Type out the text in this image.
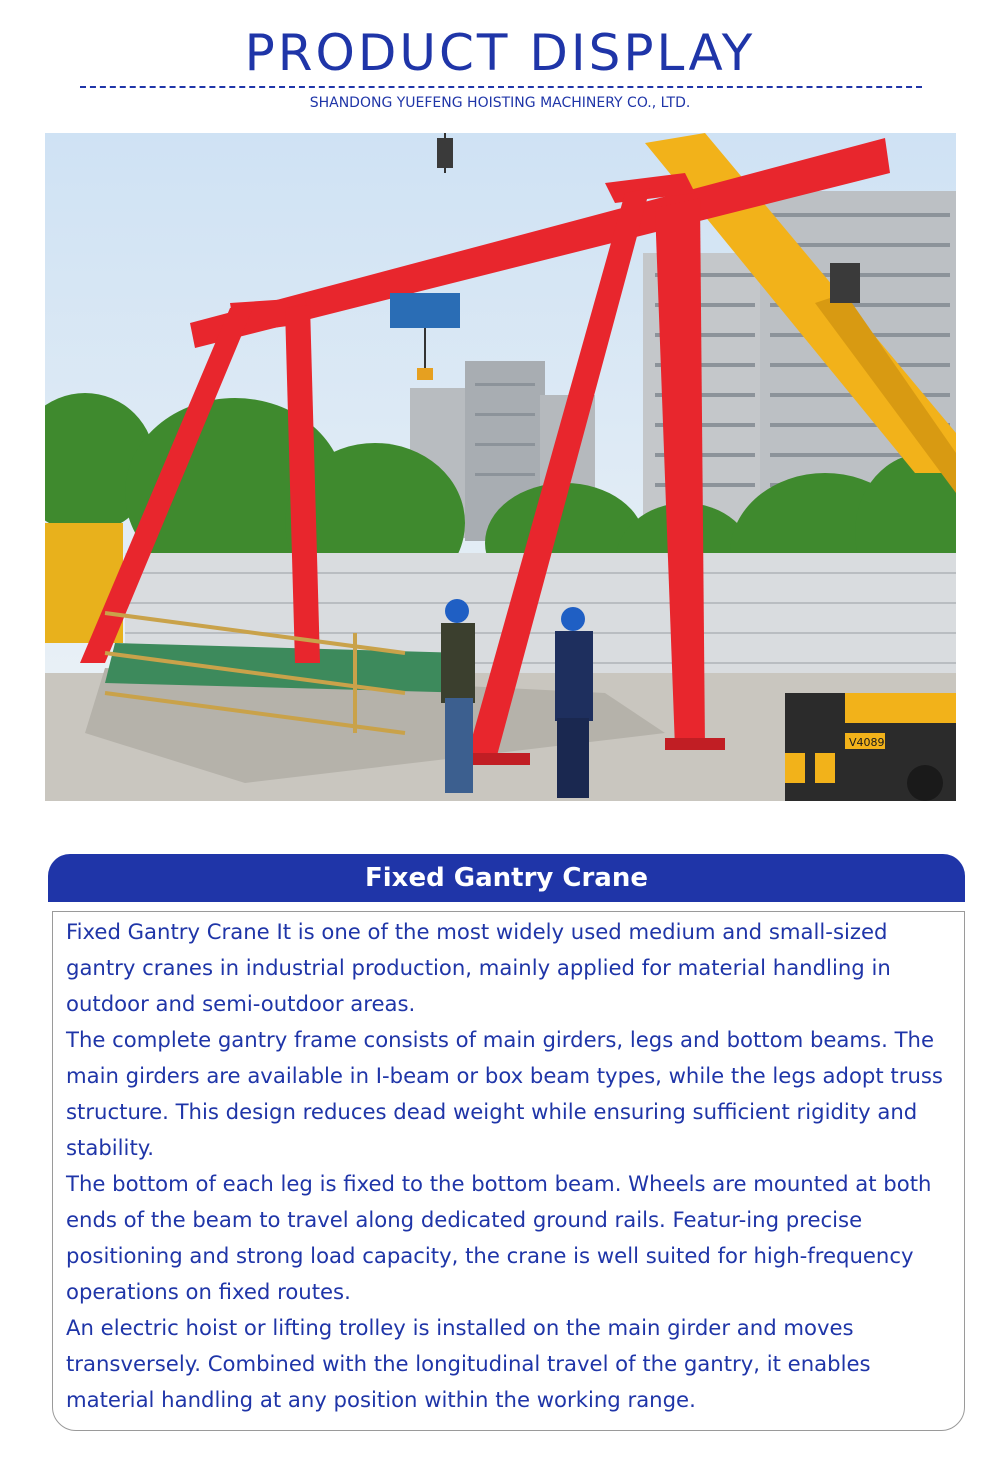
PRODUCT DISPLAY
SHANDONG YUEFENG HOISTING MACHINERY CO., LTD.
V4089
Fixed Gantry Crane

Fixed Gantry Crane It is one of the most widely used medium and small-sized gantry cranes in industrial production, mainly applied for material handling in outdoor and semi-outdoor areas.

The complete gantry frame consists of main girders, legs and bottom beams. The main girders are available in I-beam or box beam types, while the legs adopt truss structure. This design reduces dead weight while ensuring sufficient rigidity and stability.

The bottom of each leg is fixed to the bottom beam. Wheels are mounted at both ends of the beam to travel along dedicated ground rails. Featur-ing precise positioning and strong load capacity, the crane is well suited for high-frequency operations on fixed routes.

An electric hoist or lifting trolley is installed on the main girder and moves transversely. Combined with the longitudinal travel of the gantry, it enables material handling at any position within the working range.
